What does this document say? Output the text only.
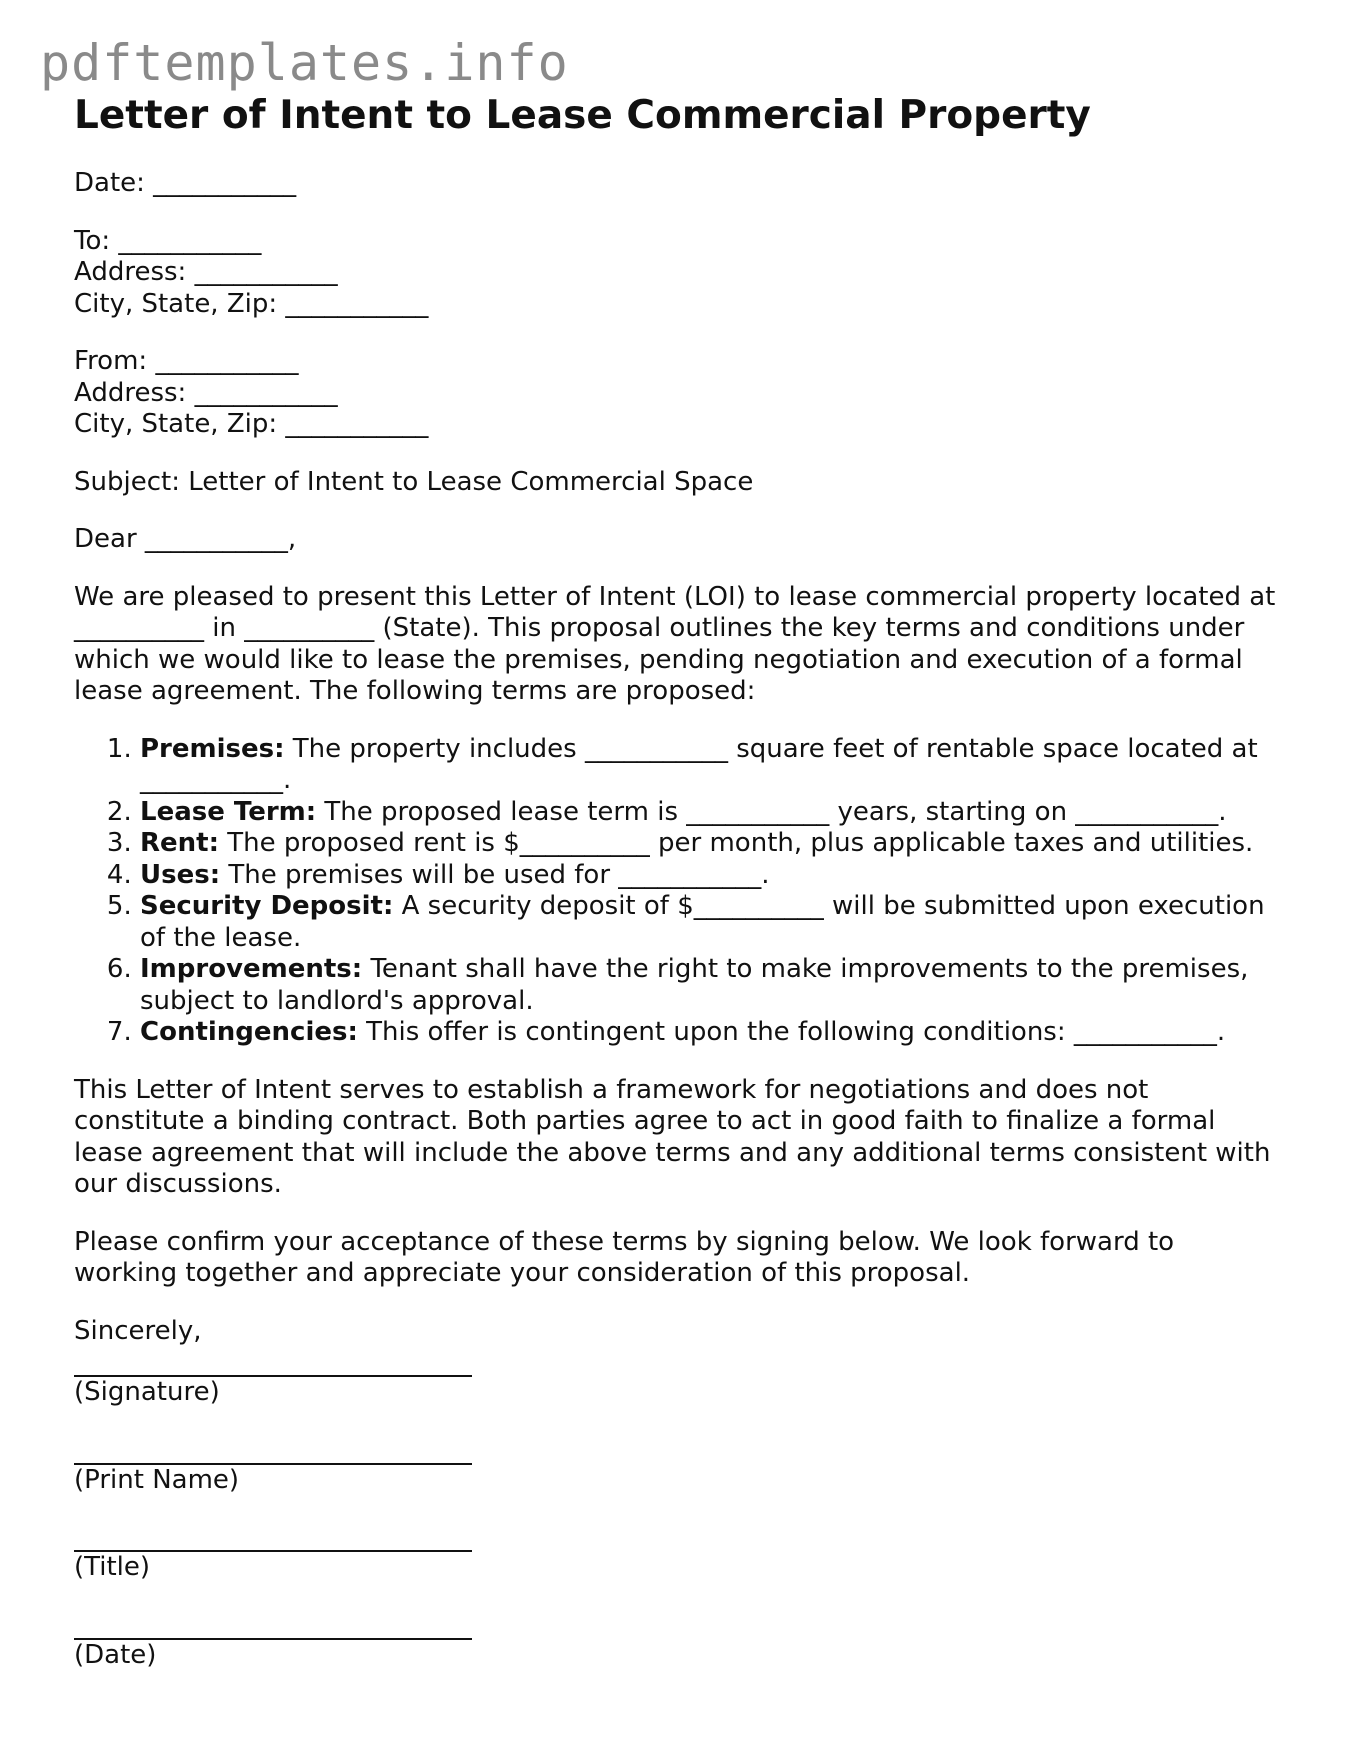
pdftemplates.info
Letter of Intent to Lease Commercial Property
Date: ___________
To: ___________
Address: ___________
City, State, Zip: ___________
From: ___________
Address: ___________
City, State, Zip: ___________
Subject: Letter of Intent to Lease Commercial Space
Dear ___________,
We are pleased to present this Letter of Intent (LOI) to lease commercial property located at __________ in __________ (State). This proposal outlines the key terms and conditions under which we would like to lease the premises, pending negotiation and execution of a formal lease agreement. The following terms are proposed:
1. Premises: The property includes ___________ square feet of rentable space located at ___________.
2. Lease Term: The proposed lease term is ___________ years, starting on ___________.
3. Rent: The proposed rent is $__________ per month, plus applicable taxes and utilities.
4. Uses: The premises will be used for ___________.
5. Security Deposit: A security deposit of $__________ will be submitted upon execution of the lease.
6. Improvements: Tenant shall have the right to make improvements to the premises, subject to landlord's approval.
7. Contingencies: This offer is contingent upon the following conditions: ___________.
This Letter of Intent serves to establish a framework for negotiations and does not constitute a binding contract. Both parties agree to act in good faith to finalize a formal lease agreement that will include the above terms and any additional terms consistent with our discussions.
Please confirm your acceptance of these terms by signing below. We look forward to working together and appreciate your consideration of this proposal.
Sincerely,
(Signature)
(Print Name)
(Title)
(Date)
